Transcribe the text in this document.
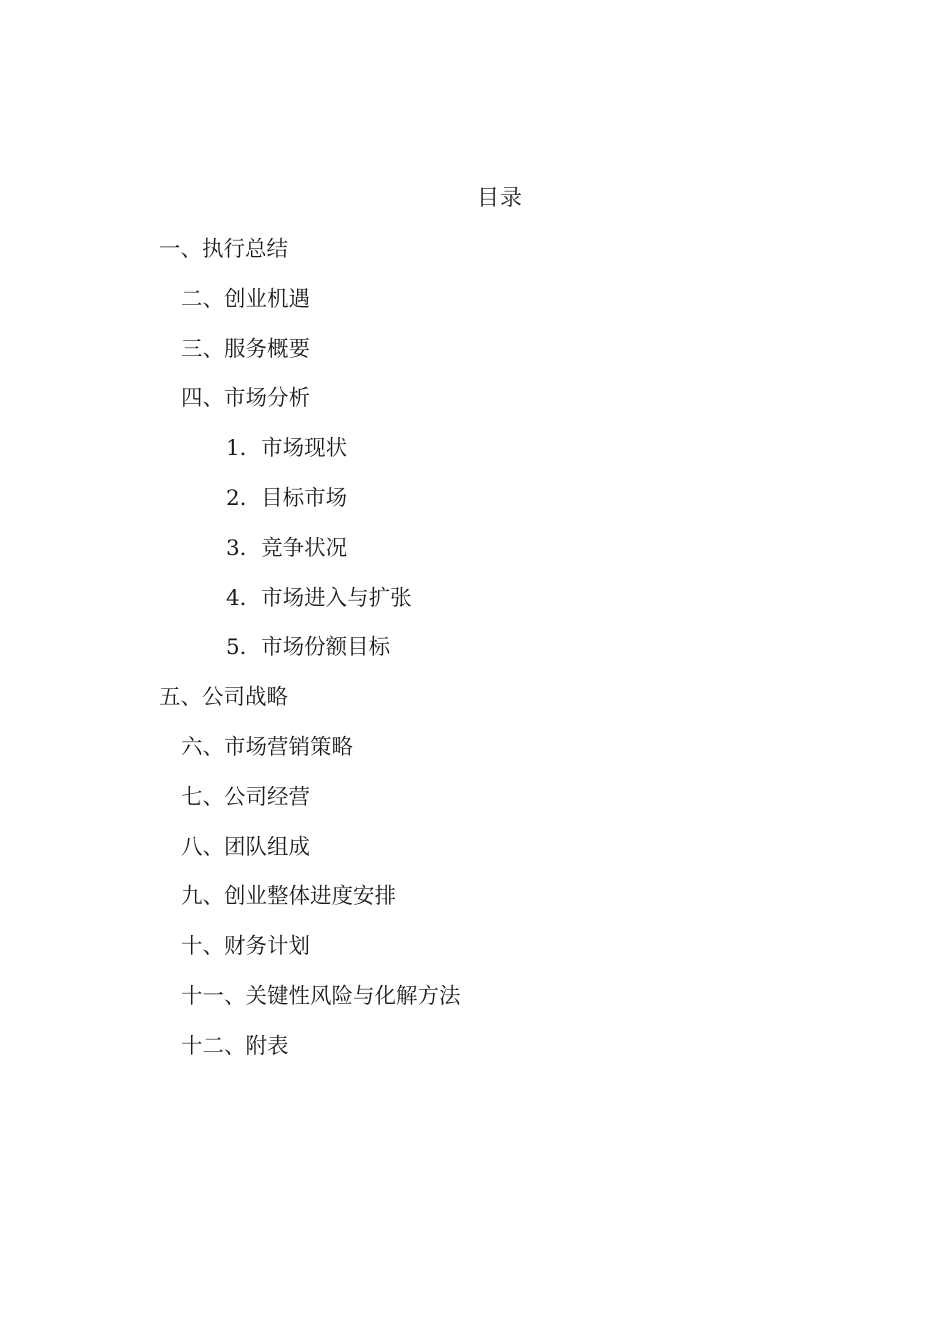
目录
一、执行总结
二、创业机遇
三、服务概要
四、市场分析
1．市场现状
2．目标市场
3．竞争状况
4．市场进入与扩张
5．市场份额目标
五、公司战略
六、市场营销策略
七、公司经营
八、团队组成
九、创业整体进度安排
十、财务计划
十一、关键性风险与化解方法
十二、附表
